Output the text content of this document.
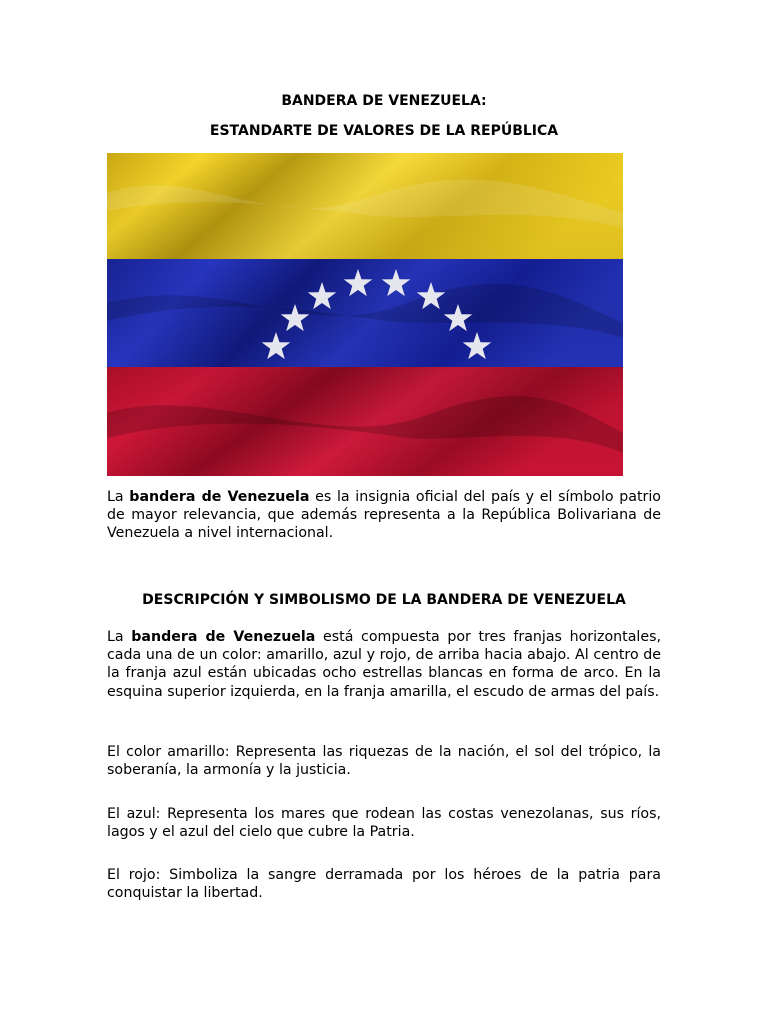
BANDERA DE VENEZUELA:
ESTANDARTE DE VALORES DE LA REPÚBLICA

La bandera de Venezuela es la insignia oficial del país y el símbolo patrio de mayor relevancia, que además representa a la República Bolivariana de Venezuela a nivel internacional.

DESCRIPCIÓN Y SIMBOLISMO DE LA BANDERA DE VENEZUELA

La bandera de Venezuela está compuesta por tres franjas horizontales, cada una de un color: amarillo, azul y rojo, de arriba hacia abajo. Al centro de la franja azul están ubicadas ocho estrellas blancas en forma de arco. En la esquina superior izquierda, en la franja amarilla, el escudo de armas del país.

El color amarillo: Representa las riquezas de la nación, el sol del trópico, la soberanía, la armonía y la justicia.

El azul: Representa los mares que rodean las costas venezolanas, sus ríos, lagos y el azul del cielo que cubre la Patria.

El rojo: Simboliza la sangre derramada por los héroes de la patria para conquistar la libertad.
